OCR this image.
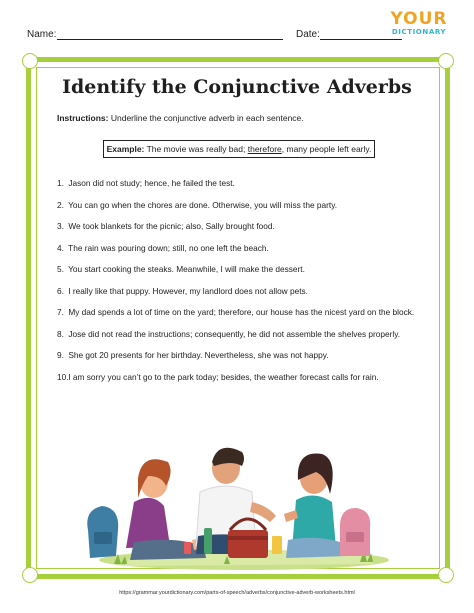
Name:	Date:
YOUR
DICTIONARY
Identify the Conjunctive Adverbs
Instructions: Underline the conjunctive adverb in each sentence.
Example: The movie was really bad; therefore, many people left early.
1. Jason did not study; hence, he failed the test.
2. You can go when the chores are done. Otherwise, you will miss the party.
3. We took blankets for the picnic; also, Sally brought food.
4. The rain was pouring down; still, no one left the beach.
5. You start cooking the steaks. Meanwhile, I will make the dessert.
6. I really like that puppy. However, my landlord does not allow pets.
7. My dad spends a lot of time on the yard; therefore, our house has the nicest yard on the block.
8. Jose did not read the instructions; consequently, he did not assemble the shelves properly.
9. She got 20 presents for her birthday. Nevertheless, she was not happy.
10. I am sorry you can’t go to the park today; besides, the weather forecast calls for rain.
https://grammar.yourdictionary.com/parts-of-speech/adverbs/conjunctive-adverb-worksheets.html
